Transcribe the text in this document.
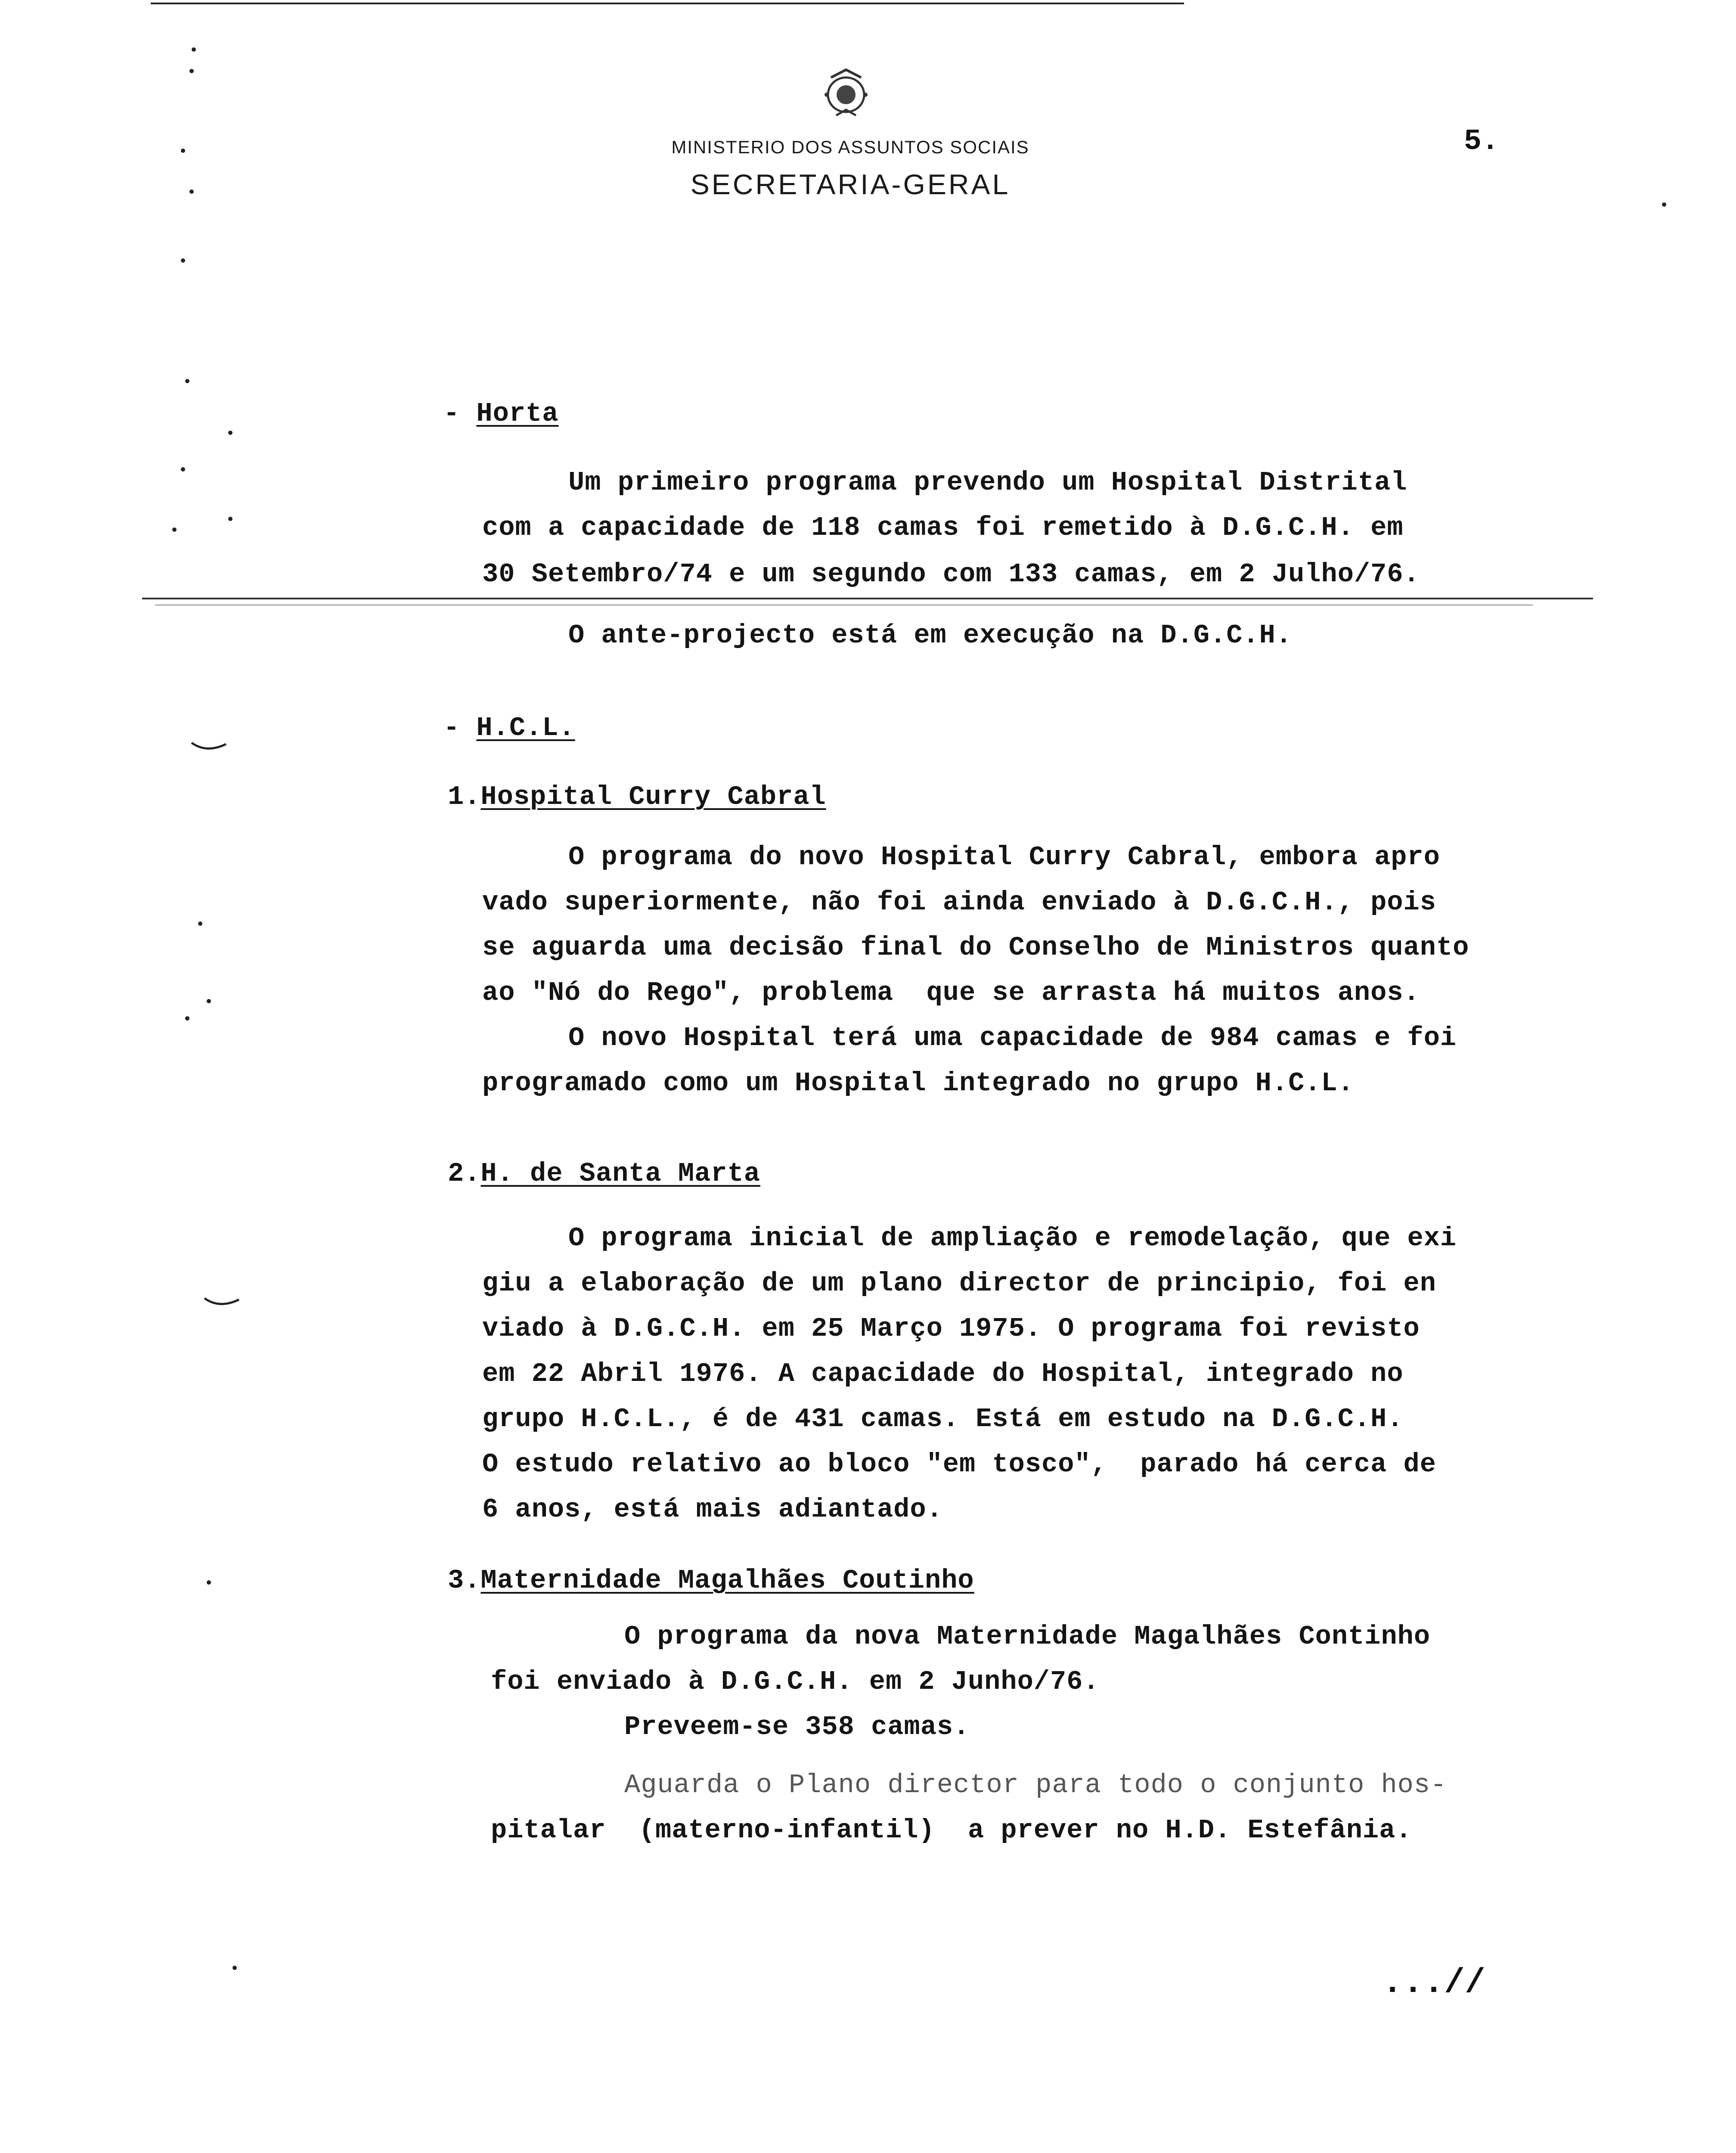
MINISTERIO DOS ASSUNTOS SOCIAIS
SECRETARIA-GERAL
5.
- Horta
Um primeiro programa prevendo um Hospital Distrital
com a capacidade de 118 camas foi remetido à D.G.C.H. em
30 Setembro/74 e um segundo com 133 camas, em 2 Julho/76.
O ante-projecto está em execução na D.G.C.H.
- H.C.L.
1.Hospital Curry Cabral
O programa do novo Hospital Curry Cabral, embora apro
vado superiormente, não foi ainda enviado à D.G.C.H., pois
se aguarda uma decisão final do Conselho de Ministros quanto
ao "Nó do Rego", problema  que se arrasta há muitos anos.
O novo Hospital terá uma capacidade de 984 camas e foi
programado como um Hospital integrado no grupo H.C.L.
2.H. de Santa Marta
O programa inicial de ampliação e remodelação, que exi
giu a elaboração de um plano director de principio, foi en
viado à D.G.C.H. em 25 Março 1975. O programa foi revisto
em 22 Abril 1976. A capacidade do Hospital, integrado no
grupo H.C.L., é de 431 camas. Está em estudo na D.G.C.H.
O estudo relativo ao bloco "em tosco",  parado há cerca de
6 anos, está mais adiantado.
3.Maternidade Magalhães Coutinho
O programa da nova Maternidade Magalhães Continho
foi enviado à D.G.C.H. em 2 Junho/76.
Preveem-se 358 camas.
Aguarda o Plano director para todo o conjunto hos-
pitalar  (materno-infantil)  a prever no H.D. Estefânia.
...//
